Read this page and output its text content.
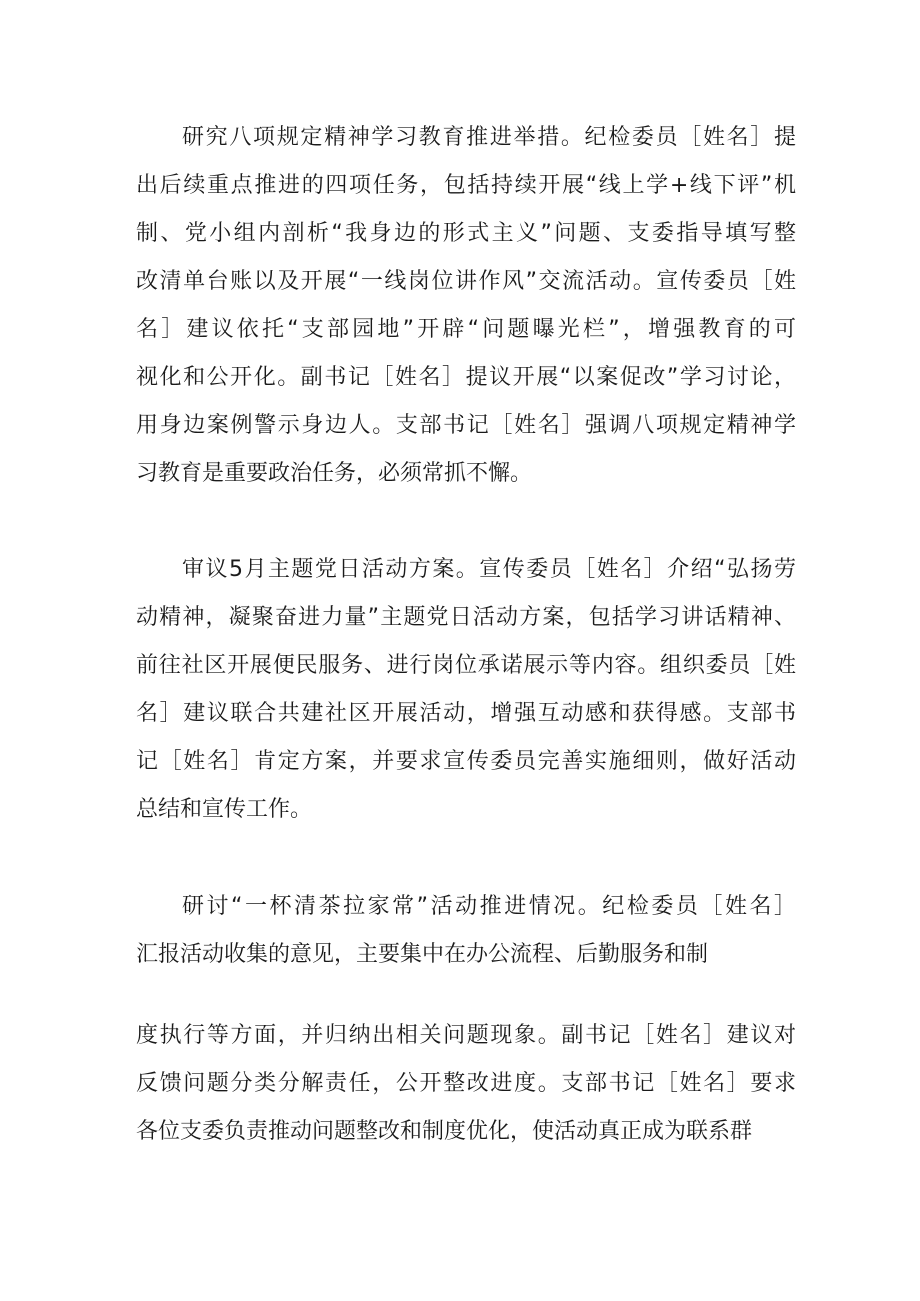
研究八项规定精神学习教育推进举措。纪检委员［姓名］提
出后续重点推进的四项任务，包括持续开展“线上学+线下评”机
制、党小组内剖析“我身边的形式主义”问题、支委指导填写整
改清单台账以及开展“一线岗位讲作风”交流活动。宣传委员［姓
名］建议依托“支部园地”开辟“问题曝光栏”，增强教育的可
视化和公开化。副书记［姓名］提议开展“以案促改”学习讨论，
用身边案例警示身边人。支部书记［姓名］强调八项规定精神学
习教育是重要政治任务，必须常抓不懈。
审议5月主题党日活动方案。宣传委员［姓名］介绍“弘扬劳
动精神，凝聚奋进力量”主题党日活动方案，包括学习讲话精神、
前往社区开展便民服务、进行岗位承诺展示等内容。组织委员［姓
名］建议联合共建社区开展活动，增强互动感和获得感。支部书
记［姓名］肯定方案，并要求宣传委员完善实施细则，做好活动
总结和宣传工作。
研讨“一杯清茶拉家常”活动推进情况。纪检委员［姓名］
汇报活动收集的意见，主要集中在办公流程、后勤服务和制
度执行等方面，并归纳出相关问题现象。副书记［姓名］建议对
反馈问题分类分解责任，公开整改进度。支部书记［姓名］要求
各位支委负责推动问题整改和制度优化，使活动真正成为联系群
